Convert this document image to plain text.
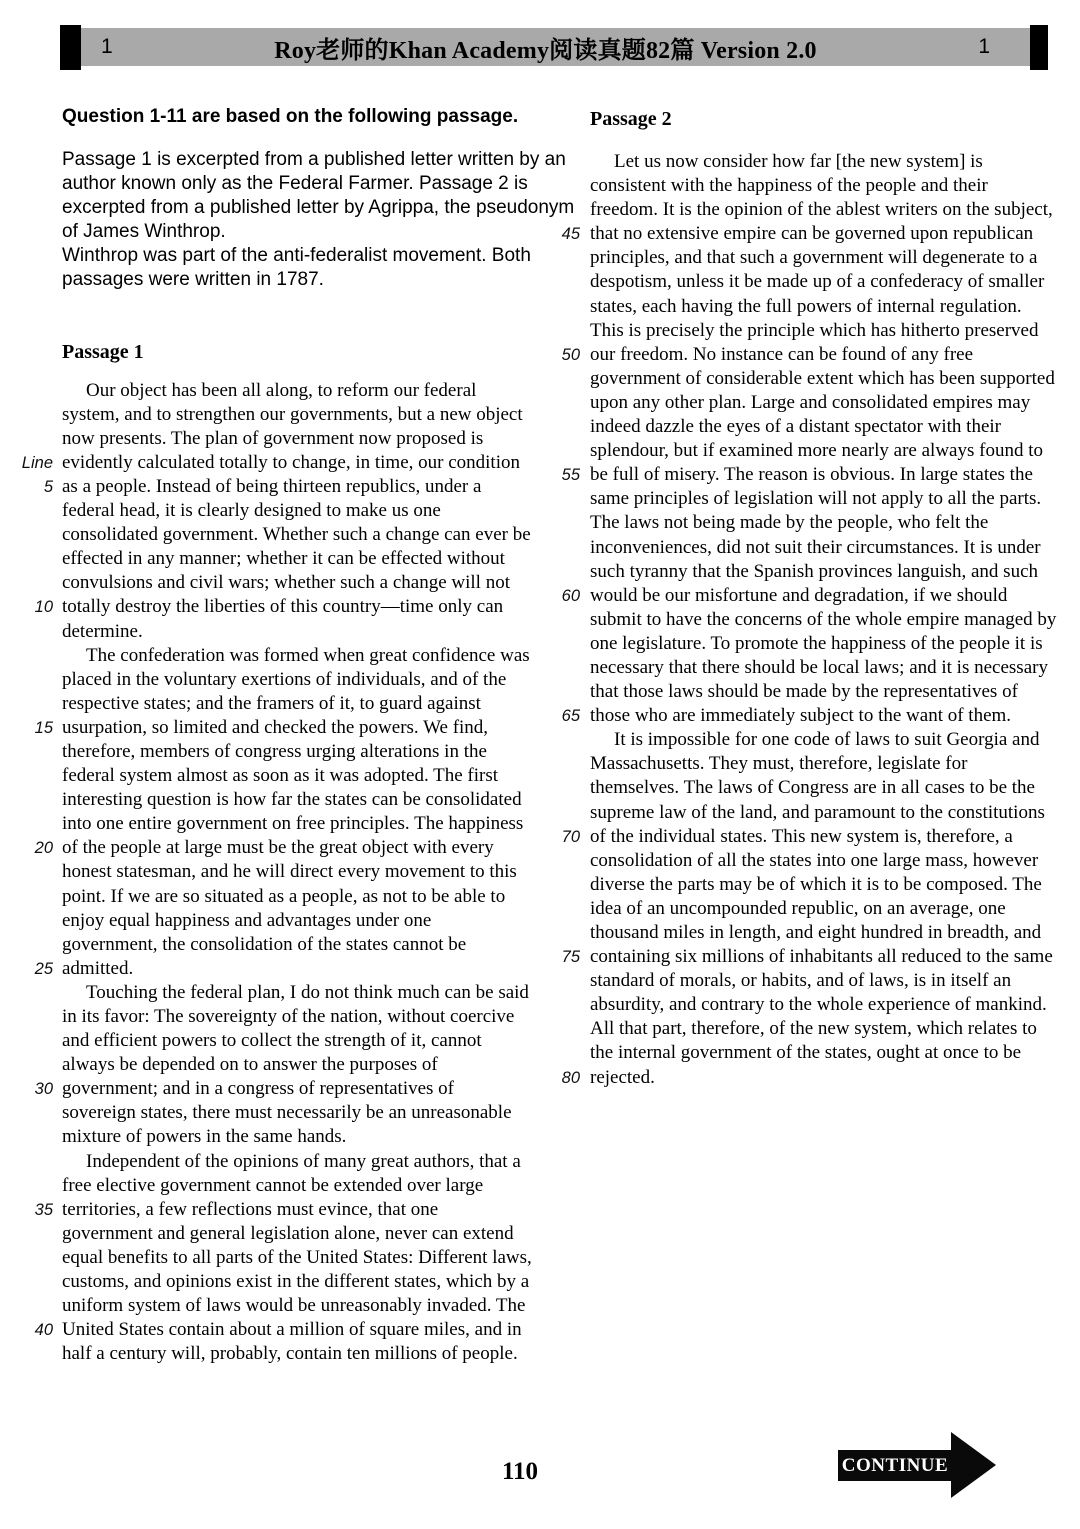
1	Roy老师的Khan Academy阅读真题82篇 Version 2.0	1
Question 1-11 are based on the following passage.
Passage 1 is excerpted from a published letter written by an
author known only as the Federal Farmer. Passage 2 is
excerpted from a published letter by Agrippa, the pseudonym
of James Winthrop.
Winthrop was part of the anti-federalist movement. Both
passages were written in 1787.
Passage 1
Our object has been all along, to reform our federal
system, and to strengthen our governments, but a new object
now presents. The plan of government now proposed is
Line evidently calculated totally to change, in time, our condition
5 as a people. Instead of being thirteen republics, under a
federal head, it is clearly designed to make us one
consolidated government. Whether such a change can ever be
effected in any manner; whether it can be effected without
convulsions and civil wars; whether such a change will not
10 totally destroy the liberties of this country—time only can
determine.
The confederation was formed when great confidence was
placed in the voluntary exertions of individuals, and of the
respective states; and the framers of it, to guard against
15 usurpation, so limited and checked the powers. We find,
therefore, members of congress urging alterations in the
federal system almost as soon as it was adopted. The first
interesting question is how far the states can be consolidated
into one entire government on free principles. The happiness
20 of the people at large must be the great object with every
honest statesman, and he will direct every movement to this
point. If we are so situated as a people, as not to be able to
enjoy equal happiness and advantages under one
government, the consolidation of the states cannot be
25 admitted.
Touching the federal plan, I do not think much can be said
in its favor: The sovereignty of the nation, without coercive
and efficient powers to collect the strength of it, cannot
always be depended on to answer the purposes of
30 government; and in a congress of representatives of
sovereign states, there must necessarily be an unreasonable
mixture of powers in the same hands.
Independent of the opinions of many great authors, that a
free elective government cannot be extended over large
35 territories, a few reflections must evince, that one
government and general legislation alone, never can extend
equal benefits to all parts of the United States: Different laws,
customs, and opinions exist in the different states, which by a
uniform system of laws would be unreasonably invaded. The
40 United States contain about a million of square miles, and in
half a century will, probably, contain ten millions of people.
Passage 2
Let us now consider how far [the new system] is
consistent with the happiness of the people and their
freedom. It is the opinion of the ablest writers on the subject,
45 that no extensive empire can be governed upon republican
principles, and that such a government will degenerate to a
despotism, unless it be made up of a confederacy of smaller
states, each having the full powers of internal regulation.
This is precisely the principle which has hitherto preserved
50 our freedom. No instance can be found of any free
government of considerable extent which has been supported
upon any other plan. Large and consolidated empires may
indeed dazzle the eyes of a distant spectator with their
splendour, but if examined more nearly are always found to
55 be full of misery. The reason is obvious. In large states the
same principles of legislation will not apply to all the parts.
The laws not being made by the people, who felt the
inconveniences, did not suit their circumstances. It is under
such tyranny that the Spanish provinces languish, and such
60 would be our misfortune and degradation, if we should
submit to have the concerns of the whole empire managed by
one legislature. To promote the happiness of the people it is
necessary that there should be local laws; and it is necessary
that those laws should be made by the representatives of
65 those who are immediately subject to the want of them.
It is impossible for one code of laws to suit Georgia and
Massachusetts. They must, therefore, legislate for
themselves. The laws of Congress are in all cases to be the
supreme law of the land, and paramount to the constitutions
70 of the individual states. This new system is, therefore, a
consolidation of all the states into one large mass, however
diverse the parts may be of which it is to be composed. The
idea of an uncompounded republic, on an average, one
thousand miles in length, and eight hundred in breadth, and
75 containing six millions of inhabitants all reduced to the same
standard of morals, or habits, and of laws, is in itself an
absurdity, and contrary to the whole experience of mankind.
All that part, therefore, of the new system, which relates to
the internal government of the states, ought at once to be
80 rejected.
110	CONTINUE
